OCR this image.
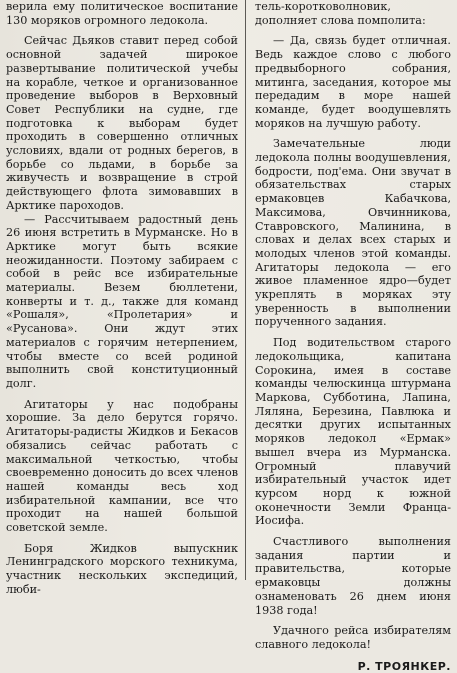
верила ему политическое воспитание 130 моряков огромного ледокола.

Сейчас Дьяков ставит перед собой основной задачей широкое развертывание политической учебы на корабле, четкое и организованное проведение выборов в Верховный Совет Республики на судне, где подготовка к выборам будет проходить в совершенно отличных условиях, вдали от родных берегов, в борьбе со льдами, в борьбе за живучесть и возвращение в строй действующего флота зимовавших в Арктике пароходов.

— Рассчитываем радостный день 26 июня встретить в Мурманске. Но в Арктике могут быть всякие неожиданности. Поэтому забираем с собой в рейс все избирательные материалы. Везем бюллетени, конверты и т. д., также для команд «Рошаля», «Пролетария» и «Русанова». Они ждут этих материалов с горячим нетерпением, чтобы вместе со всей родиной выполнить свой конституционный долг.

Агитаторы у нас подобраны хорошие. За дело берутся горячо. Агитаторы-радисты Жидков и Бекасов обязались сейчас работать с максимальной четкостью, чтобы своевременно доносить до всех членов нашей команды весь ход избирательной кампании, все что проходит на нашей большой советской земле.

Боря Жидков выпускник Ленинградского морского техникума, участник нескольких экспедиций, люби-

тель-коротковолновик, дополняет слова помполита:

— Да, связь будет отличная. Ведь каждое слово с любого предвыборного собрания, митинга, заседания, которое мы передадим в море нашей команде, будет воодушевлять моряков на лучшую работу.

Замечательные люди ледокола полны воодушевления, бодрости, под'ема. Они звучат в обязательствах старых ермаковцев Кабачкова, Максимова, Овчинникова, Ставровского, Малинина, в словах и делах всех старых и молодых членов этой команды. Агитаторы ледокола — его живое пламенное ядро—будет укреплять в моряках эту уверенность в выполнении порученного задания.

Под водительством старого ледокольщика, капитана Сорокина, имея в составе команды челюскинца штурмана Маркова, Субботина, Лапина, Ляляна, Березина, Павлюка и десятки других испытанных моряков ледокол «Ермак» вышел вчера из Мурманска. Огромный плавучий избирательный участок идет курсом норд к южной оконечности Земли Франца-Иосифа.

Счастливого выполнения задания партии и правительства, которые ермаковцы должны ознаменовать 26 днем июня 1938 года!

Удачного рейса избирателям славного ледокола!

Р. ТРОЯНКЕР.
